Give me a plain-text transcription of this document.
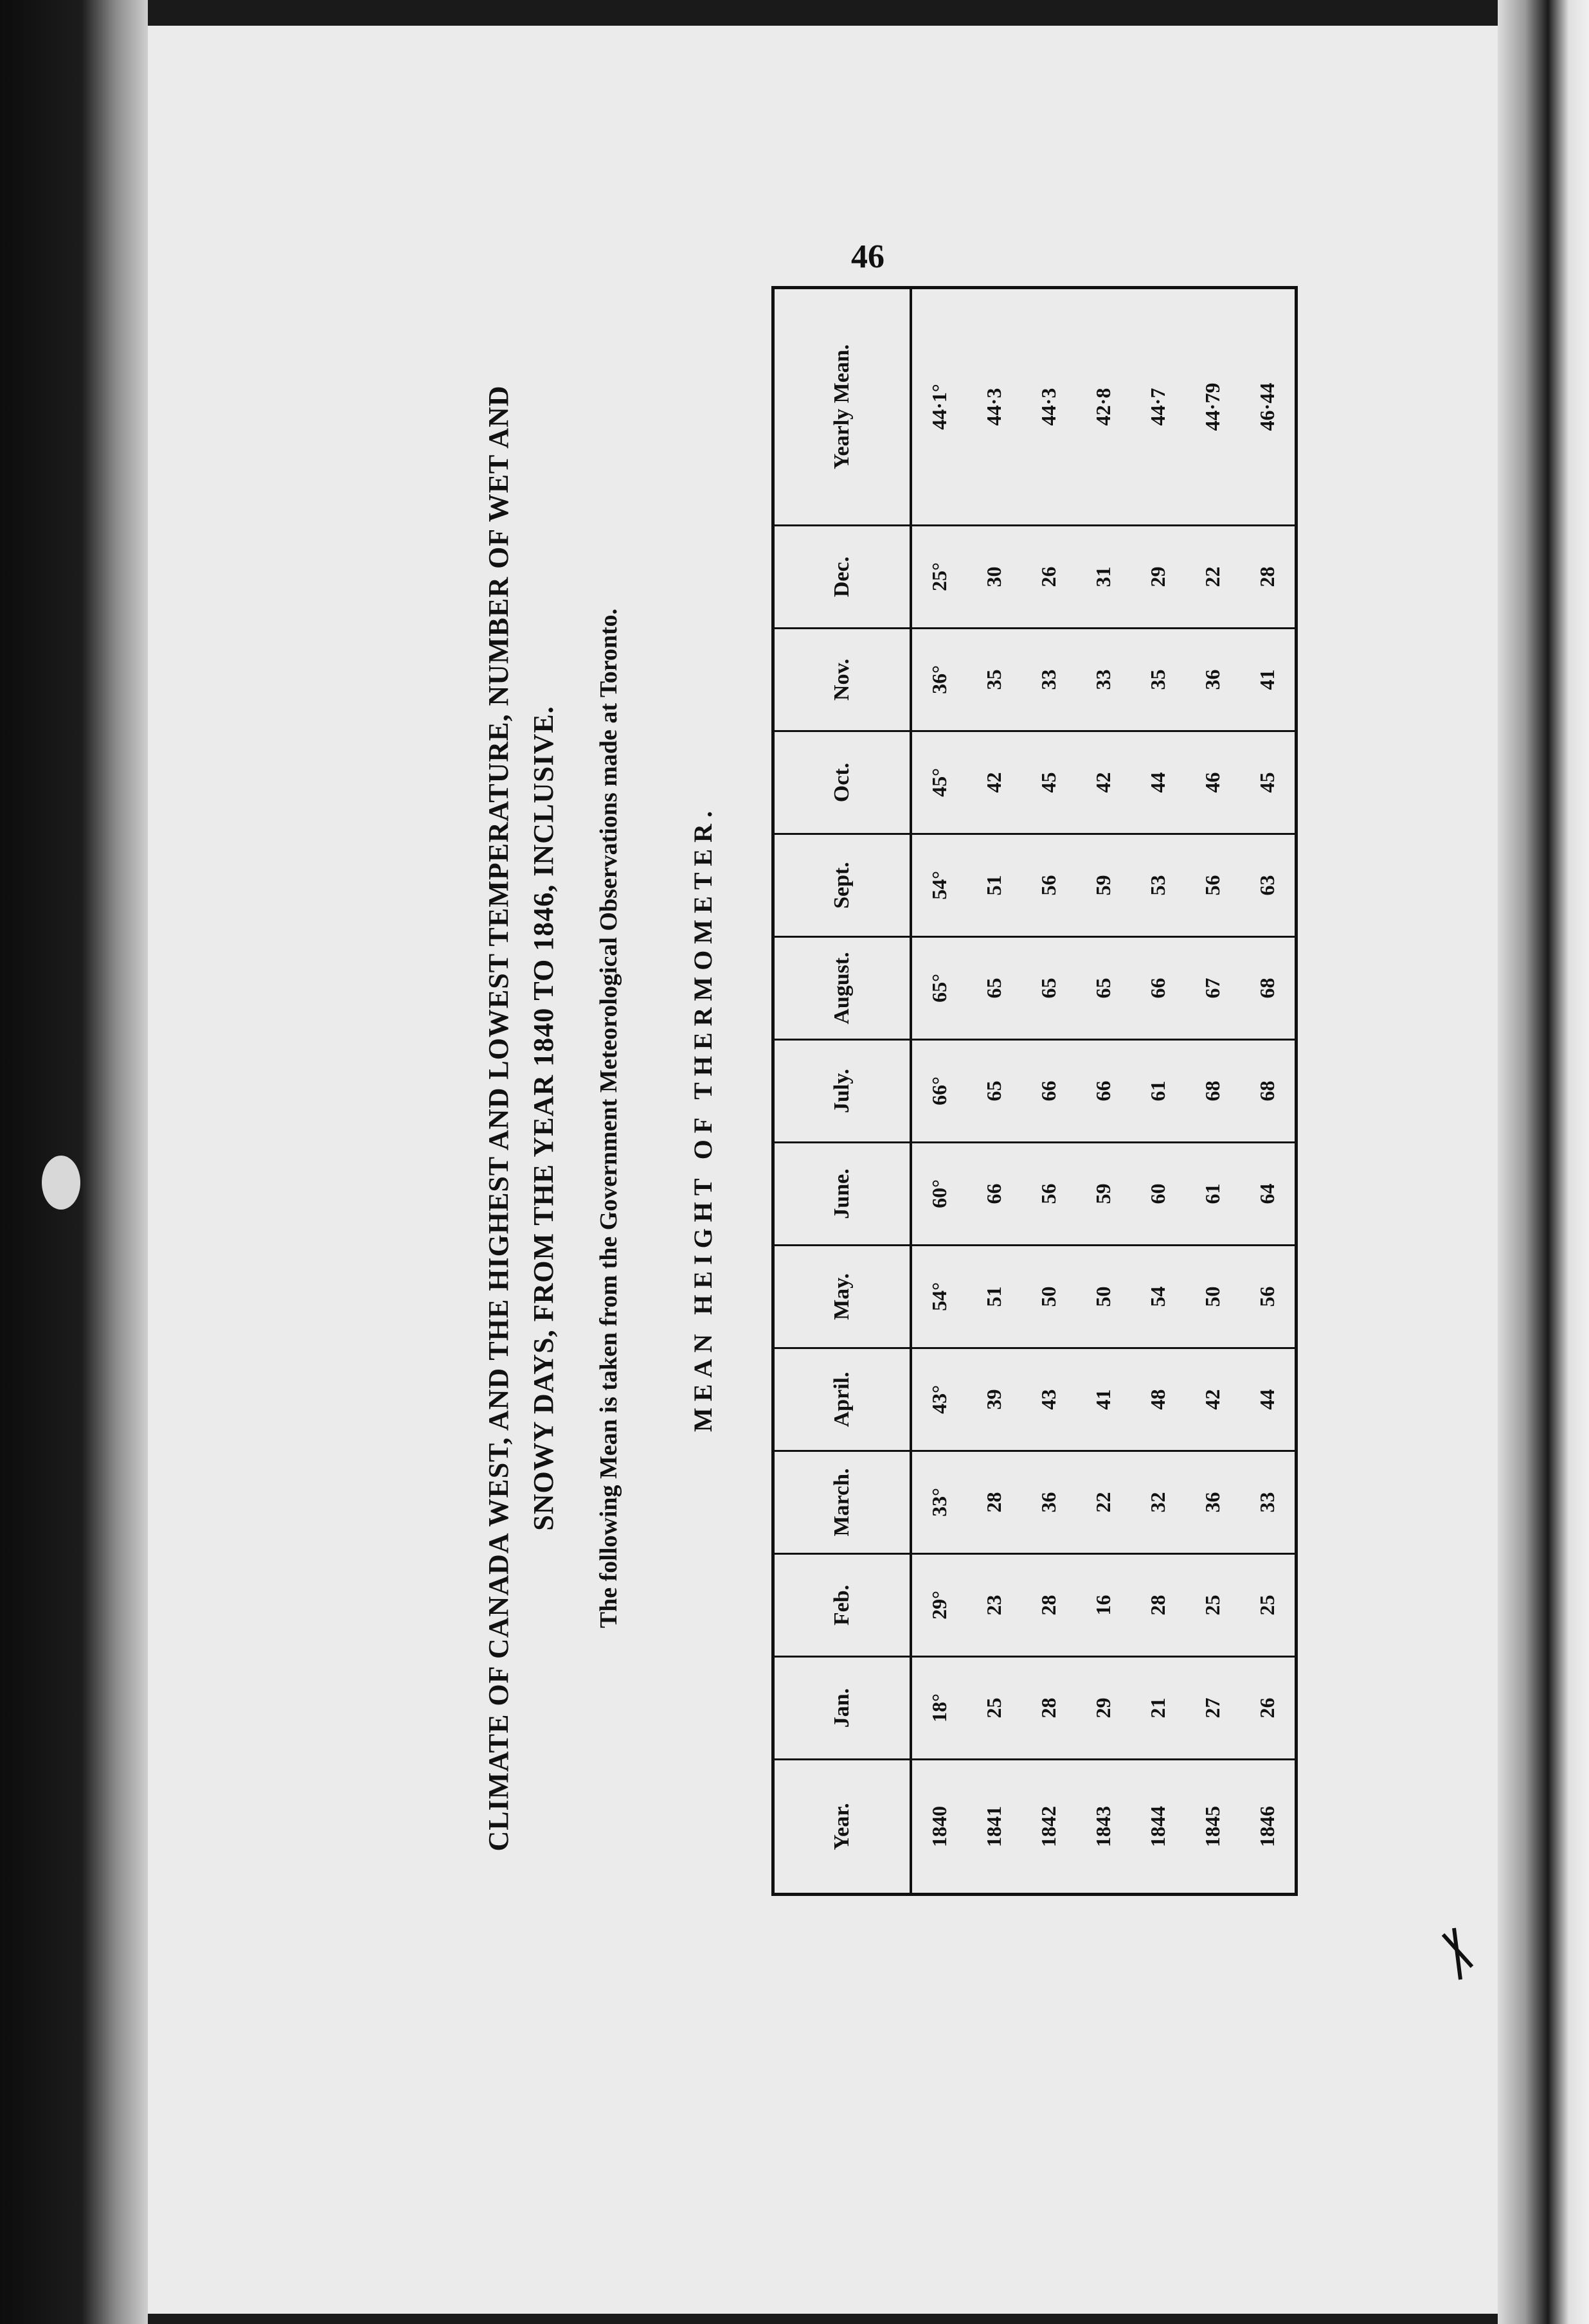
46
CLIMATE OF CANADA WEST, AND THE HIGHEST AND LOWEST TEMPERATURE, NUMBER OF WET AND SNOWY DAYS, FROM THE YEAR 1840 TO 1846, INCLUSIVE. The following Mean is taken from the Government Meteorological Observations made at Toronto.	MEAN HEIGHT OF THERMOMETER.
Year.	Jan.	Feb.	March.	April.	May.	June.	July.	August.	Sept.	Oct.	Nov.	Dec.	Yearly Mean.
1840	18°	29°	33°	43°	54°	60°	66°	65°	54°	45°	36°	25°	44·1°
1841	25	23	28	39	51	66	65	65	51	42	35	30	44·3
1842	28	28	36	43	50	56	66	65	56	45	33	26	44·3
1843	29	16	22	41	50	59	66	65	59	42	33	31	42·8
1844	21	28	32	48	54	60	61	66	53	44	35	29	44·7
1845	27	25	36	42	50	61	68	67	56	46	36	22	44·79
1846	26	25	33	44	56	64	68	68	63	45	41	28	46·44
